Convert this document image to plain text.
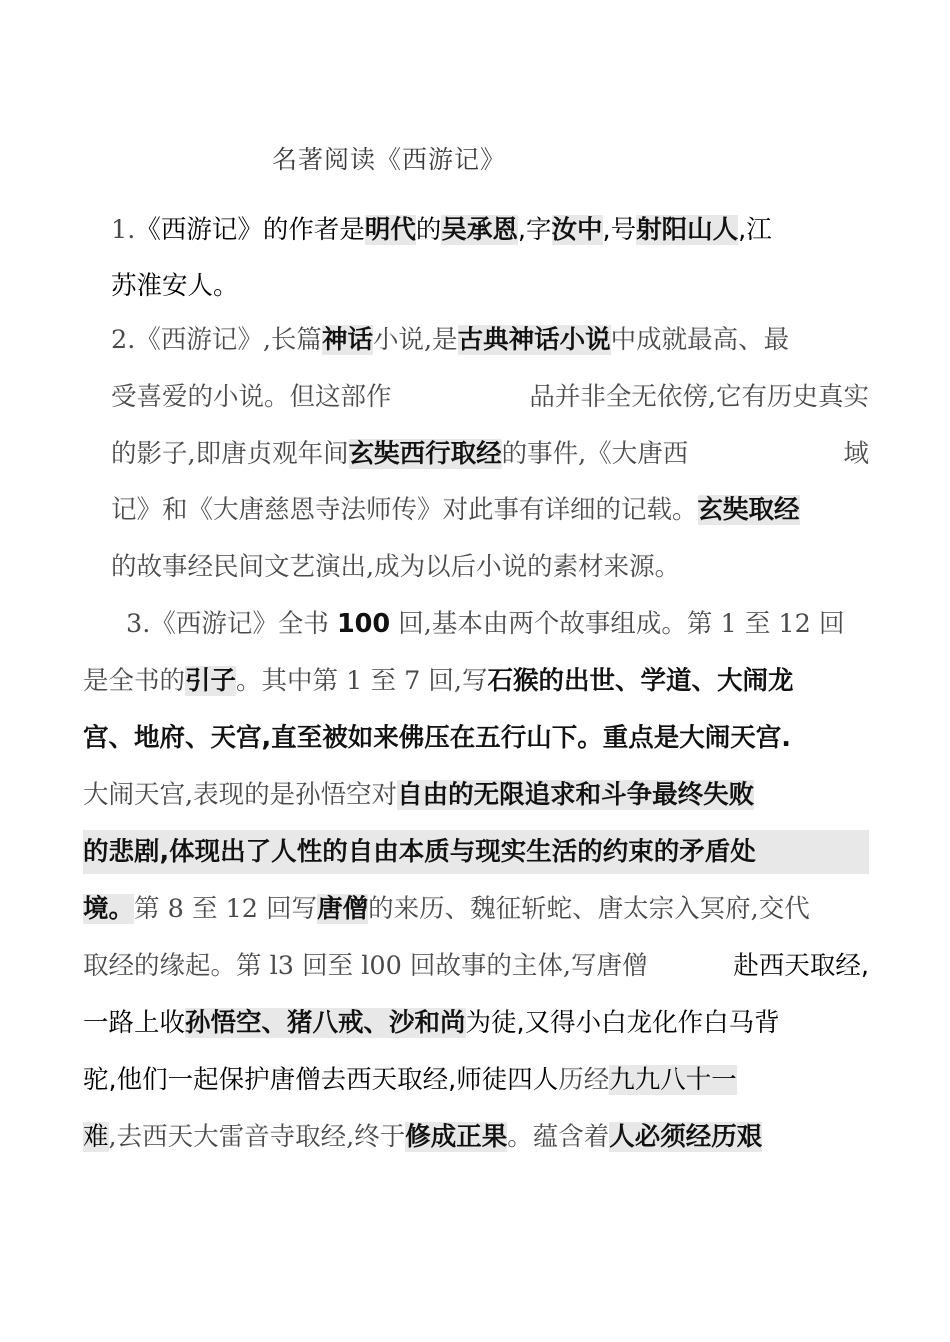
名著阅读《西游记》
1.《西游记》的作者是明代的吴承恩,字汝中,号射阳山人,江
苏淮安人。
2.《西游记》,长篇神话小说,是古典神话小说中成就最高、最
受喜爱的小说。但这部作	品并非全无依傍,它有历史真实
的影子,即唐贞观年间玄奘西行取经的事件,《大唐西	域
记》和《大唐慈恩寺法师传》对此事有详细的记载。玄奘取经
的故事经民间文艺演出,成为以后小说的素材来源。
3.《西游记》全书 100 回,基本由两个故事组成。第 1 至 12 回
是全书的引子。其中第 1 至 7 回,写石猴的出世、学道、大闹龙
宫、地府、天宫,直至被如来佛压在五行山下。重点是大闹天宫.
大闹天宫,表现的是孙悟空对自由的无限追求和斗争最终失败
的悲剧,体现出了人性的自由本质与现实生活的约束的矛盾处
境。第 8 至 12 回写唐僧的来历、魏征斩蛇、唐太宗入冥府,交代
取经的缘起。第 l3 回至 l00 回故事的主体,写唐僧	赴西天取经,
一路上收孙悟空、猪八戒、沙和尚为徒,又得小白龙化作白马背
驼,他们一起保护唐僧去西天取经,师徒四人历经九九八十一
难,去西天大雷音寺取经,终于修成正果。蕴含着人必须经历艰
